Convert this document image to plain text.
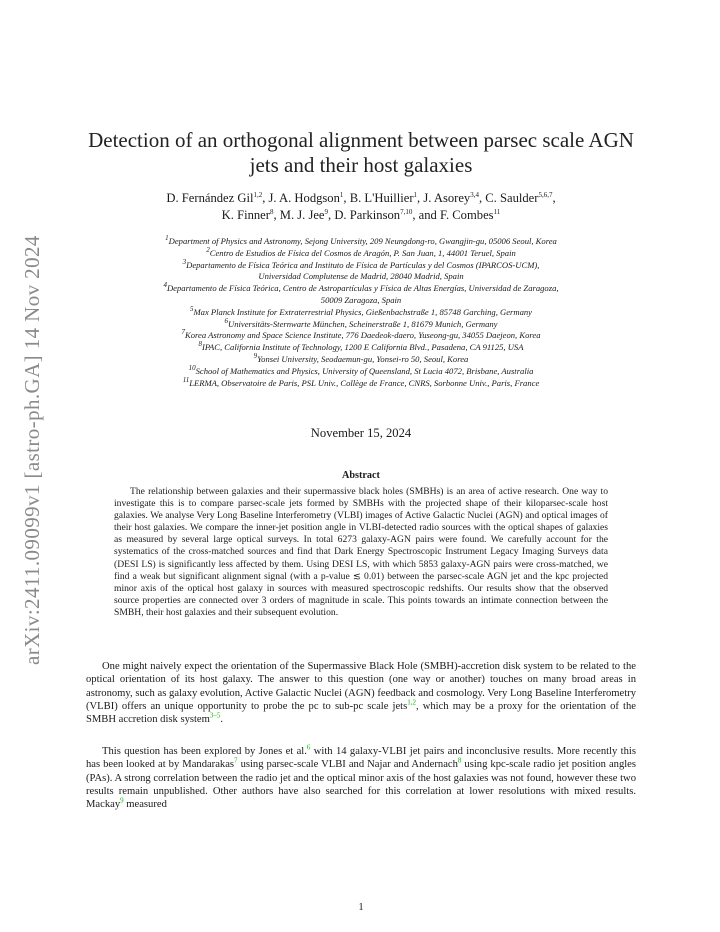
arXiv:2411.09099v1 [astro-ph.GA] 14 Nov 2024
Detection of an orthogonal alignment between parsec scale AGN
jets and their host galaxies
D. Fernández Gil$^{1,2}$, J. A. Hodgson$^1$, B. L'Huillier$^1$, J. Asorey$^{3,4}$, C. Saulder$^{5,6,7}$,
K. Finner$^8$, M. J. Jee$^9$, D. Parkinson$^{7,10}$, and F. Combes$^{11}$
$^1$Department of Physics and Astronomy, Sejong University, 209 Neungdong-ro, Gwangjin-gu, 05006 Seoul, Korea
$^2$Centro de Estudios de Física del Cosmos de Aragón, P. San Juan, 1, 44001 Teruel, Spain
$^3$Departamento de Física Teórica and Instituto de Física de Partículas y del Cosmos (IPARCOS-UCM),
Universidad Complutense de Madrid, 28040 Madrid, Spain
$^4$Departamento de Física Teórica, Centro de Astropartículas y Física de Altas Energías, Universidad de Zaragoza,
50009 Zaragoza, Spain
$^5$Max Planck Institute for Extraterrestrial Physics, Gießenbachstraße 1, 85748 Garching, Germany
$^6$Universitäts-Sternwarte München, Scheinerstraße 1, 81679 Munich, Germany
$^7$Korea Astronomy and Space Science Institute, 776 Daedeok-daero, Yuseong-gu, 34055 Daejeon, Korea
$^8$IPAC, California Institute of Technology, 1200 E California Blvd., Pasadena, CA 91125, USA
$^9$Yonsei University, Seodaemun-gu, Yonsei-ro 50, Seoul, Korea
$^{10}$School of Mathematics and Physics, University of Queensland, St Lucia 4072, Brisbane, Australia
$^{11}$LERMA, Observatoire de Paris, PSL Univ., Collège de France, CNRS, Sorbonne Univ., Paris, France
November 15, 2024
Abstract
The relationship between galaxies and their supermassive black holes (SMBHs) is an area of active research. One way to investigate this is to compare parsec-scale jets formed by SMBHs with the projected shape of their kiloparsec-scale host galaxies. We analyse Very Long Baseline Interferometry (VLBI) images of Active Galactic Nuclei (AGN) and optical images of their host galaxies. We compare the inner-jet position angle in VLBI-detected radio sources with the optical shapes of galaxies as measured by several large optical surveys. In total 6273 galaxy-AGN pairs were found. We carefully account for the systematics of the cross-matched sources and find that Dark Energy Spectroscopic Instrument Legacy Imaging Surveys data (DESI LS) is significantly less affected by them. Using DESI LS, with which 5853 galaxy-AGN pairs were cross-matched, we find a weak but significant alignment signal (with a p-value ≲ 0.01) between the parsec-scale AGN jet and the kpc projected minor axis of the optical host galaxy in sources with measured spectroscopic redshifts. Our results show that the observed source properties are connected over 3 orders of magnitude in scale. This points towards an intimate connection between the SMBH, their host galaxies and their subsequent evolution.
One might naively expect the orientation of the Supermassive Black Hole (SMBH)-accretion disk system to be related to the optical orientation of its host galaxy. The answer to this question (one way or another) touches on many broad areas in astronomy, such as galaxy evolution, Active Galactic Nuclei (AGN) feedback and cosmology. Very Long Baseline Interferometry (VLBI) offers an unique opportunity to probe the pc to sub-pc scale jets$^{1,2}$, which may be a proxy for the orientation of the SMBH accretion disk system$^{3-5}$.
This question has been explored by Jones et al.$^6$ with 14 galaxy-VLBI jet pairs and inconclusive results. More recently this has been looked at by Mandarakas$^7$ using parsec-scale VLBI and Najar and Andernach$^8$ using kpc-scale radio jet position angles (PAs). A strong correlation between the radio jet and the optical minor axis of the host galaxies was not found, however these two results remain unpublished. Other authors have also searched for this correlation at lower resolutions with mixed results. Mackay$^9$ measured
1
